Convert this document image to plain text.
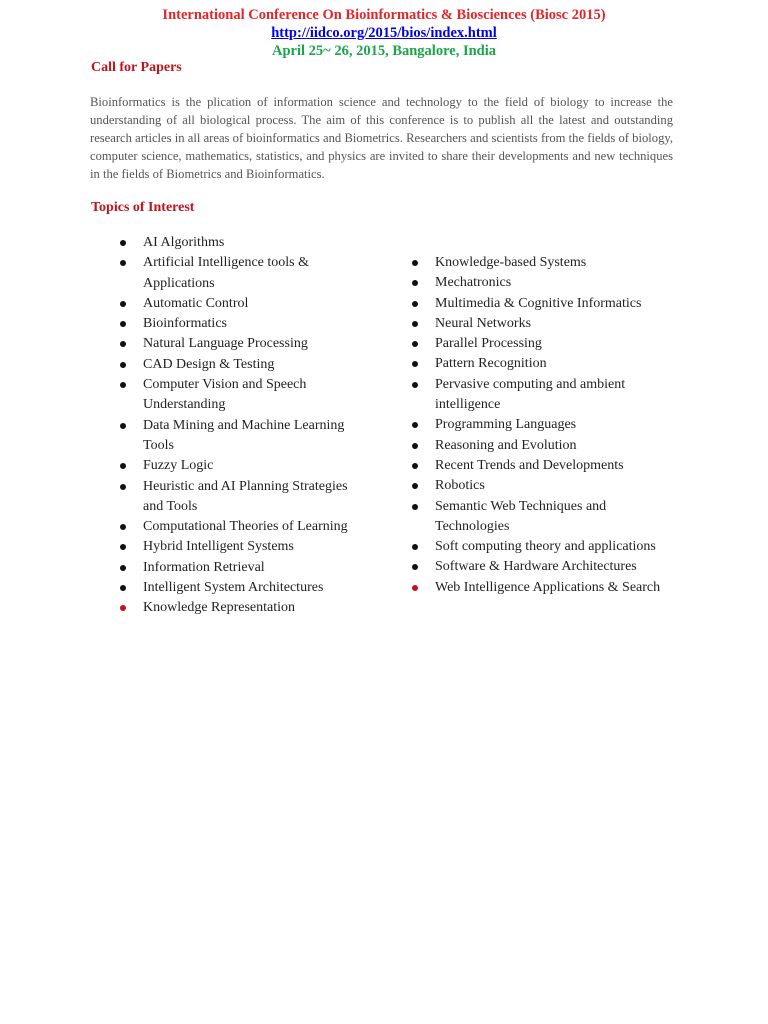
International Conference On Bioinformatics & Biosciences (Biosc 2015)
http://iidco.org/2015/bios/index.html
April 25~ 26, 2015, Bangalore, India
Call for Papers
Bioinformatics is the plication of information science and technology to the field of biology to increase the understanding of all biological process. The aim of this conference is to publish all the latest and outstanding research articles in all areas of bioinformatics and Biometrics. Researchers and scientists from the fields of biology, computer science, mathematics, statistics, and physics are invited to share their developments and new techniques in the fields of Biometrics and Bioinformatics.
Topics of Interest
AI Algorithms
Artificial Intelligence tools & Applications
Automatic Control
Bioinformatics
Natural Language Processing
CAD Design & Testing
Computer Vision and Speech Understanding
Data Mining and Machine Learning Tools
Fuzzy Logic
Heuristic and AI Planning Strategies and Tools
Computational Theories of Learning
Hybrid Intelligent Systems
Information Retrieval
Intelligent System Architectures
Knowledge Representation
Knowledge-based Systems
Mechatronics
Multimedia & Cognitive Informatics
Neural Networks
Parallel Processing
Pattern Recognition
Pervasive computing and ambient intelligence
Programming Languages
Reasoning and Evolution
Recent Trends and Developments
Robotics
Semantic Web Techniques and Technologies
Soft computing theory and applications
Software & Hardware Architectures
Web Intelligence Applications & Search
